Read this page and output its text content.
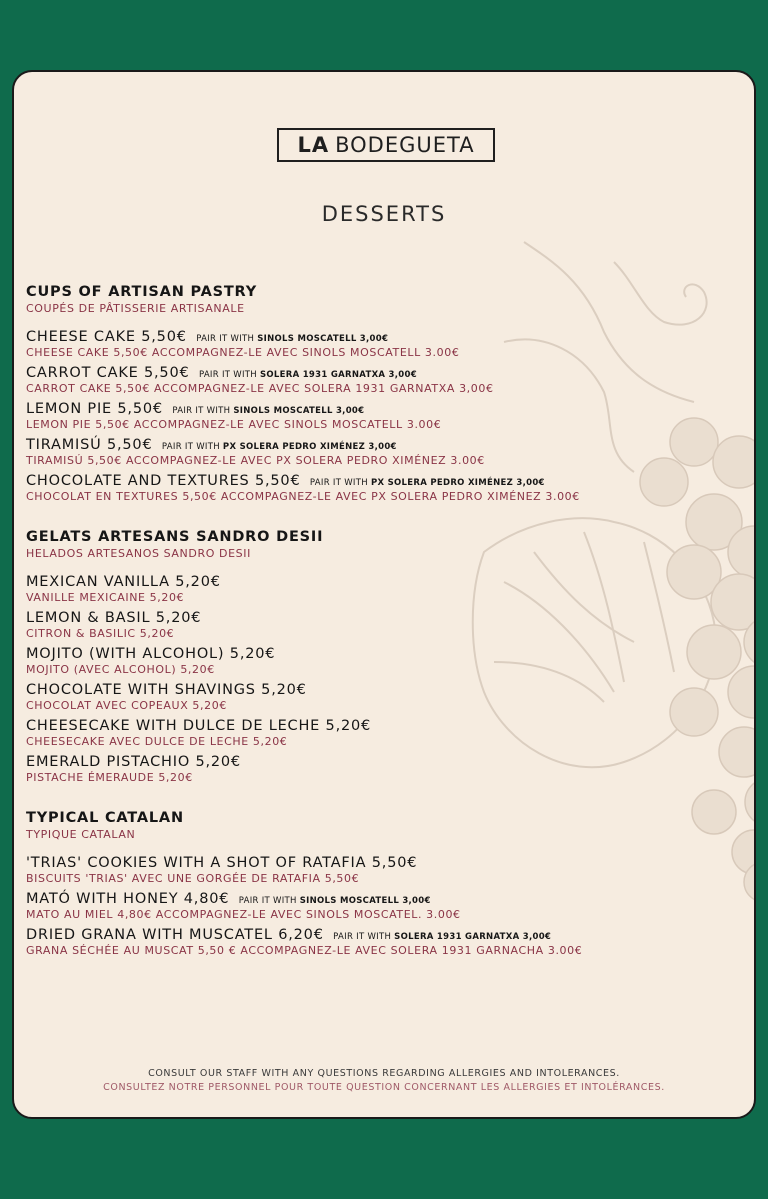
LA BODEGUETA
DESSERTS
CUPS OF ARTISAN PASTRY
COUPÉS DE PÂTISSERIE ARTISANALE
CHEESE CAKE 5,50€ PAIR IT WITH SINOLS MOSCATELL 3,00€
CHEESE CAKE 5,50€ ACCOMPAGNEZ-LE AVEC SINOLS MOSCATELL 3.00€
CARROT CAKE 5,50€ PAIR IT WITH SOLERA 1931 GARNATXA 3,00€
CARROT CAKE 5,50€ ACCOMPAGNEZ-LE AVEC SOLERA 1931 GARNATXA 3,00€
LEMON PIE 5,50€ PAIR IT WITH SINOLS MOSCATELL 3,00€
LEMON PIE 5,50€ ACCOMPAGNEZ-LE AVEC SINOLS MOSCATELL 3.00€
TIRAMISÚ 5,50€ PAIR IT WITH PX SOLERA PEDRO XIMÉNEZ 3,00€
TIRAMISÚ 5,50€ ACCOMPAGNEZ-LE AVEC PX SOLERA PEDRO XIMÉNEZ 3.00€
CHOCOLATE AND TEXTURES 5,50€ PAIR IT WITH PX SOLERA PEDRO XIMÉNEZ 3,00€
CHOCOLAT EN TEXTURES 5,50€ ACCOMPAGNEZ-LE AVEC PX SOLERA PEDRO XIMÉNEZ 3.00€
GELATS ARTESANS SANDRO DESII
HELADOS ARTESANOS SANDRO DESII
MEXICAN VANILLA 5,20€
VANILLE MEXICAINE 5,20€
LEMON & BASIL 5,20€
CITRON & BASILIC 5,20€
MOJITO (WITH ALCOHOL) 5,20€
MOJITO (AVEC ALCOHOL) 5,20€
CHOCOLATE WITH SHAVINGS 5,20€
CHOCOLAT AVEC COPEAUX 5,20€
CHEESECAKE WITH DULCE DE LECHE 5,20€
CHEESECAKE AVEC DULCE DE LECHE 5,20€
EMERALD PISTACHIO 5,20€
PISTACHE ÉMERAUDE 5,20€
TYPICAL CATALAN
TYPIQUE CATALAN
'TRIAS' COOKIES WITH A SHOT OF RATAFIA 5,50€
BISCUITS 'TRIAS' AVEC UNE GORGÉE DE RATAFIA 5,50€
MATÓ WITH HONEY 4,80€ PAIR IT WITH SINOLS MOSCATELL 3,00€
MATO AU MIEL 4,80€ ACCOMPAGNEZ-LE AVEC SINOLS MOSCATEL. 3.00€
DRIED GRANA WITH MUSCATEL 6,20€ PAIR IT WITH SOLERA 1931 GARNATXA 3,00€
GRANA SÉCHÉE AU MUSCAT 5,50 € ACCOMPAGNEZ-LE AVEC SOLERA 1931 GARNACHA 3.00€
CONSULT OUR STAFF WITH ANY QUESTIONS REGARDING ALLERGIES AND INTOLERANCES.
CONSULTEZ NOTRE PERSONNEL POUR TOUTE QUESTION CONCERNANT LES ALLERGIES ET INTOLÉRANCES.
